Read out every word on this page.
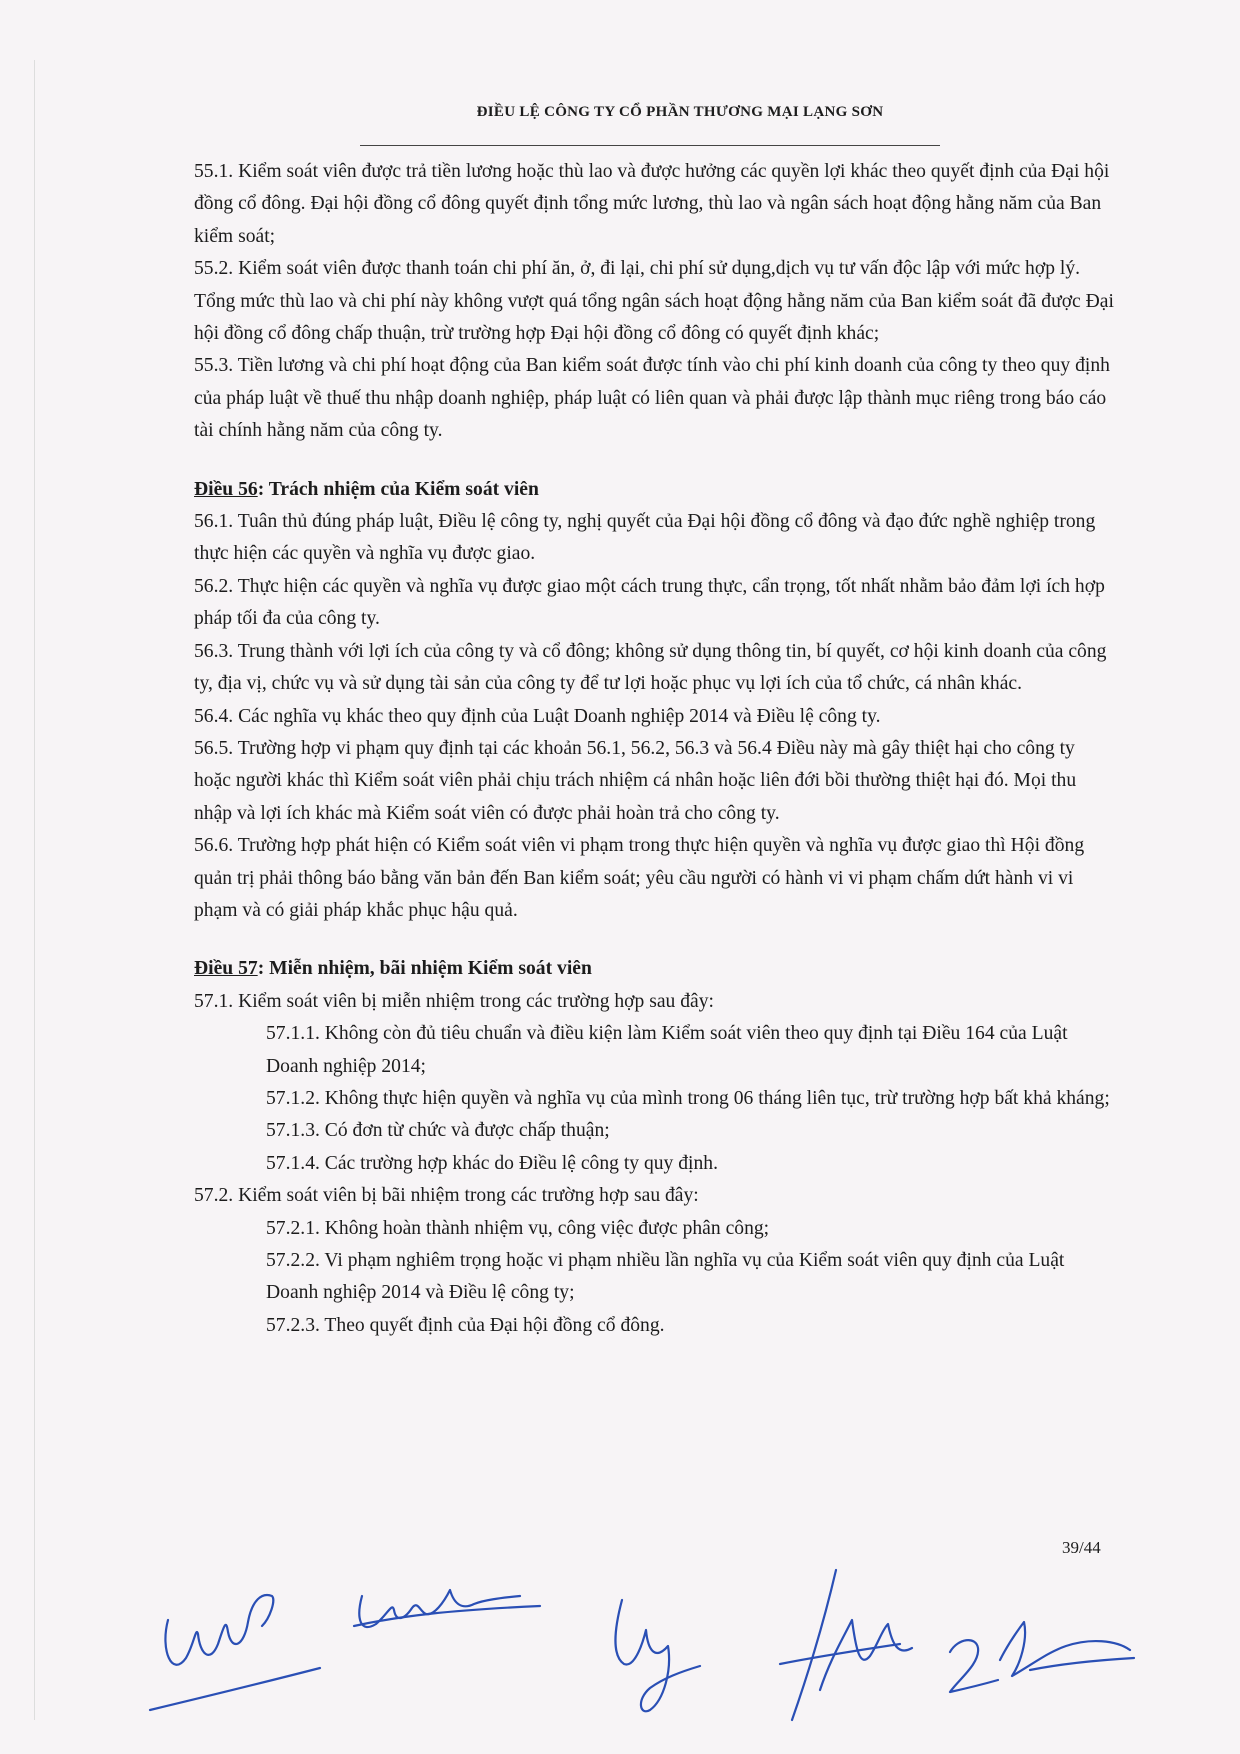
ĐIỀU LỆ CÔNG TY CỔ PHẦN THƯƠNG MẠI LẠNG SƠN

55.1. Kiểm soát viên được trả tiền lương hoặc thù lao và được hưởng các quyền lợi khác theo quyết định của Đại hội đồng cổ đông. Đại hội đồng cổ đông quyết định tổng mức lương, thù lao và ngân sách hoạt động hằng năm của Ban kiểm soát;

55.2. Kiểm soát viên được thanh toán chi phí ăn, ở, đi lại, chi phí sử dụng,dịch vụ tư vấn độc lập với mức hợp lý. Tổng mức thù lao và chi phí này không vượt quá tổng ngân sách hoạt động hằng năm của Ban kiểm soát đã được Đại hội đồng cổ đông chấp thuận, trừ trường hợp Đại hội đồng cổ đông có quyết định khác;

55.3. Tiền lương và chi phí hoạt động của Ban kiểm soát được tính vào chi phí kinh doanh của công ty theo quy định của pháp luật về thuế thu nhập doanh nghiệp, pháp luật có liên quan và phải được lập thành mục riêng trong báo cáo tài chính hằng năm của công ty.

Điều 56: Trách nhiệm của Kiểm soát viên

56.1. Tuân thủ đúng pháp luật, Điều lệ công ty, nghị quyết của Đại hội đồng cổ đông và đạo đức nghề nghiệp trong thực hiện các quyền và nghĩa vụ được giao.

56.2. Thực hiện các quyền và nghĩa vụ được giao một cách trung thực, cẩn trọng, tốt nhất nhằm bảo đảm lợi ích hợp pháp tối đa của công ty.

56.3. Trung thành với lợi ích của công ty và cổ đông; không sử dụng thông tin, bí quyết, cơ hội kinh doanh của công ty, địa vị, chức vụ và sử dụng tài sản của công ty để tư lợi hoặc phục vụ lợi ích của tổ chức, cá nhân khác.

56.4. Các nghĩa vụ khác theo quy định của Luật Doanh nghiệp 2014 và Điều lệ công ty.

56.5. Trường hợp vi phạm quy định tại các khoản 56.1, 56.2, 56.3 và 56.4 Điều này mà gây thiệt hại cho công ty hoặc người khác thì Kiểm soát viên phải chịu trách nhiệm cá nhân hoặc liên đới bồi thường thiệt hại đó. Mọi thu nhập và lợi ích khác mà Kiểm soát viên có được phải hoàn trả cho công ty.

56.6. Trường hợp phát hiện có Kiểm soát viên vi phạm trong thực hiện quyền và nghĩa vụ được giao thì Hội đồng quản trị phải thông báo bằng văn bản đến Ban kiểm soát; yêu cầu người có hành vi vi phạm chấm dứt hành vi vi phạm và có giải pháp khắc phục hậu quả.

Điều 57: Miễn nhiệm, bãi nhiệm Kiểm soát viên

57.1. Kiểm soát viên bị miễn nhiệm trong các trường hợp sau đây:

57.1.1. Không còn đủ tiêu chuẩn và điều kiện làm Kiểm soát viên theo quy định tại Điều 164 của Luật Doanh nghiệp 2014;

57.1.2. Không thực hiện quyền và nghĩa vụ của mình trong 06 tháng liên tục, trừ trường hợp bất khả kháng;

57.1.3. Có đơn từ chức và được chấp thuận;

57.1.4. Các trường hợp khác do Điều lệ công ty quy định.

57.2. Kiểm soát viên bị bãi nhiệm trong các trường hợp sau đây:

57.2.1. Không hoàn thành nhiệm vụ, công việc được phân công;

57.2.2. Vi phạm nghiêm trọng hoặc vi phạm nhiều lần nghĩa vụ của Kiểm soát viên quy định của Luật Doanh nghiệp 2014 và Điều lệ công ty;

57.2.3. Theo quyết định của Đại hội đồng cổ đông.

39/44
